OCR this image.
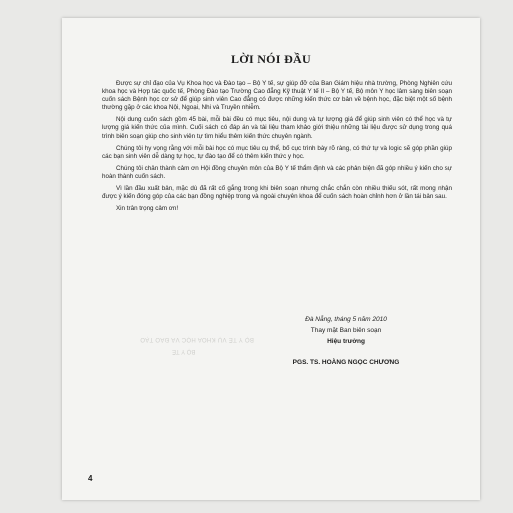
LỜI NÓI ĐẦU

Được sự chỉ đạo của Vụ Khoa học và Đào tạo – Bộ Y tế, sự giúp đỡ của Ban Giám hiệu nhà trường, Phòng Nghiên cứu khoa học và Hợp tác quốc tế, Phòng Đào tạo Trường Cao đẳng Kỹ thuật Y tế II – Bộ Y tế, Bộ môn Y học lâm sàng biên soạn cuốn sách Bệnh học cơ sở để giúp sinh viên Cao đẳng có được những kiến thức cơ bản về bệnh học, đặc biệt một số bệnh thường gặp ở các khoa Nội, Ngoại, Nhi và Truyền nhiễm.

Nội dung cuốn sách gồm 45 bài, mỗi bài đều có mục tiêu, nội dung và tự lượng giá để giúp sinh viên có thể học và tự lượng giá kiến thức của mình. Cuối sách có đáp án và tài liệu tham khảo giới thiệu những tài liệu được sử dụng trong quá trình biên soạn giúp cho sinh viên tự tìm hiểu thêm kiến thức chuyên ngành.

Chúng tôi hy vọng rằng với mỗi bài học có mục tiêu cụ thể, bố cục trình bày rõ ràng, có thứ tự và logic sẽ góp phần giúp các bạn sinh viên dễ dàng tự học, tự đào tạo để có thêm kiến thức y học.

Chúng tôi chân thành cảm ơn Hội đồng chuyên môn của Bộ Y tế thẩm định và các phản biện đã góp nhiều ý kiến cho sự hoàn thành cuốn sách.

Vì lần đầu xuất bản, mặc dù đã rất cố gắng trong khi biên soạn nhưng chắc chắn còn nhiều thiếu sót, rất mong nhận được ý kiến đóng góp của các bạn đồng nghiệp trong và ngoài chuyên khoa để cuốn sách hoàn chỉnh hơn ở lần tái bản sau.

Xin trân trọng cảm ơn!

BỘ Y TẾ VỤ KHOA HỌC VÀ ĐÀO TẠO
BỘ Y TẾ
Đà Nẵng, tháng 5 năm 2010
Thay mặt Ban biên soạn
Hiệu trưởng
PGS. TS. HOÀNG NGỌC CHƯƠNG
4
